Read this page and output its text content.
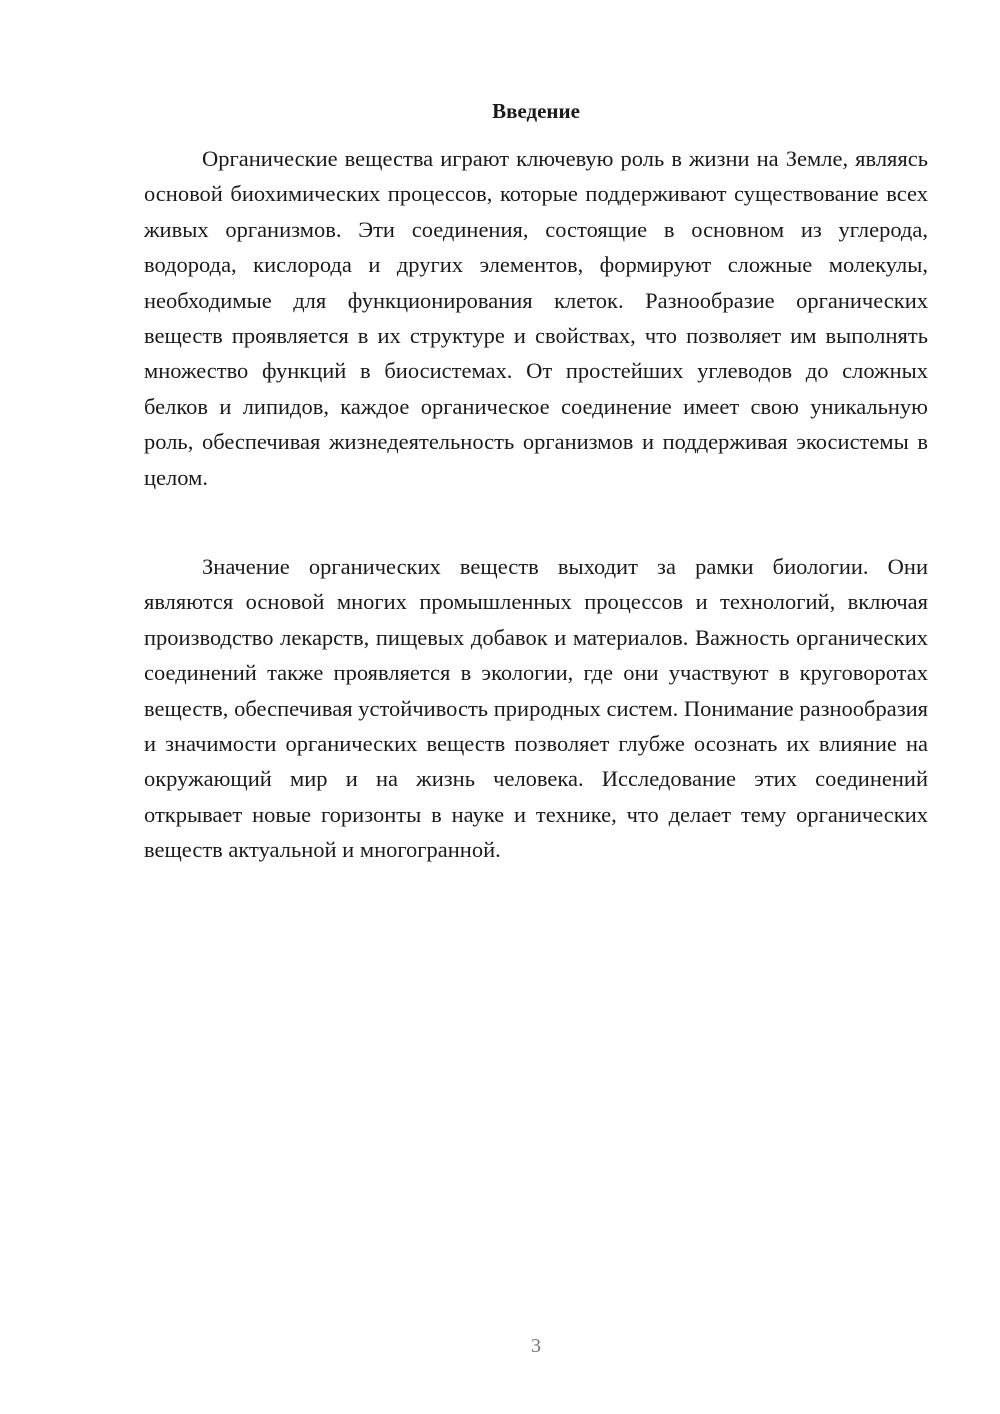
Введение

Органические вещества играют ключевую роль в жизни на Земле, являясь основой биохимических процессов, которые поддерживают существование всех живых организмов. Эти соединения, состоящие в основном из углерода, водорода, кислорода и других элементов, формируют сложные молекулы, необходимые для функционирования клеток. Разнообразие органических веществ проявляется в их структуре и свойствах, что позволяет им выполнять множество функций в биосистемах. От простейших углеводов до сложных белков и липидов, каждое органическое соединение имеет свою уникальную роль, обеспечивая жизнедеятельность организмов и поддерживая экосистемы в целом.

Значение органических веществ выходит за рамки биологии. Они являются основой многих промышленных процессов и технологий, включая производство лекарств, пищевых добавок и материалов. Важность органических соединений также проявляется в экологии, где они участвуют в круговоротах веществ, обеспечивая устойчивость природных систем. Понимание разнообразия и значимости органических веществ позволяет глубже осознать их влияние на окружающий мир и на жизнь человека. Исследование этих соединений открывает новые горизонты в науке и технике, что делает тему органических веществ актуальной и многогранной.

3
